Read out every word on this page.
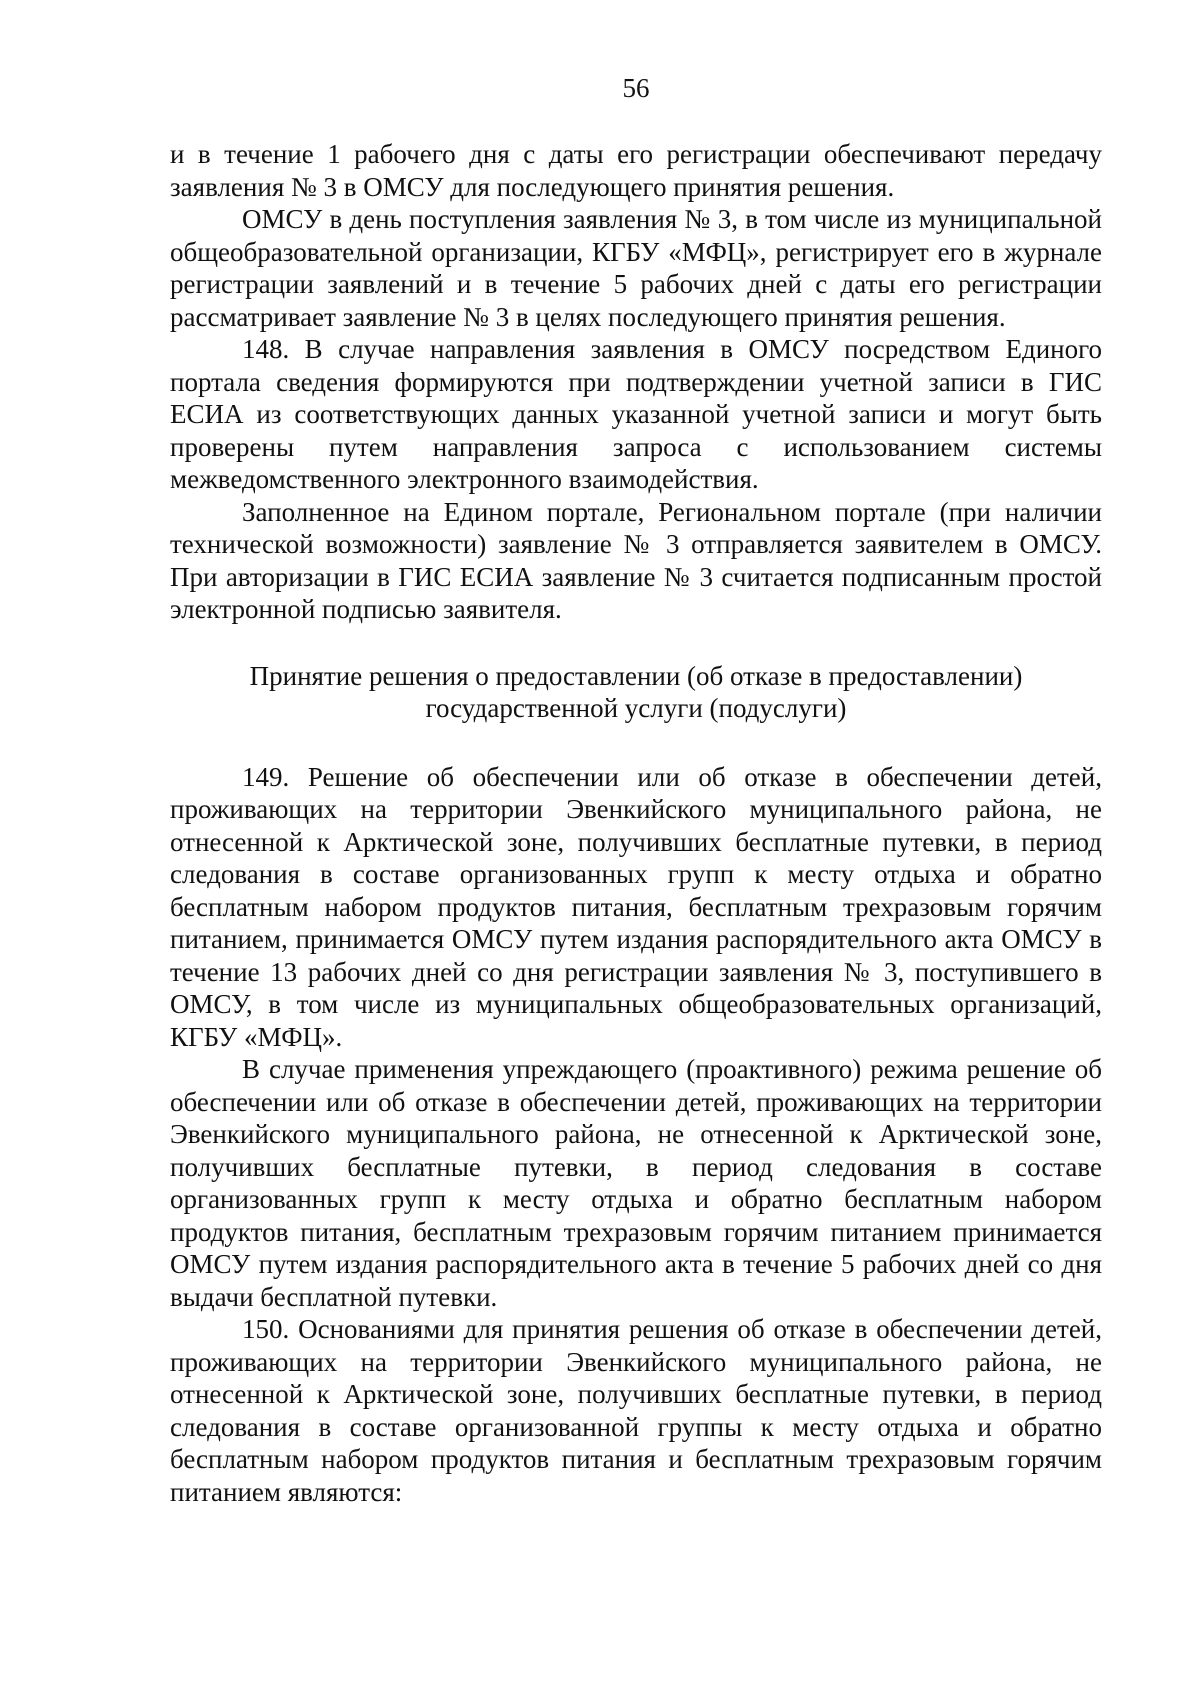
56

и в течение 1 рабочего дня с даты его регистрации обеспечивают передачу заявления № 3 в ОМСУ для последующего принятия решения.

ОМСУ в день поступления заявления № 3, в том числе из муниципальной общеобразовательной организации, КГБУ «МФЦ», регистрирует его в журнале регистрации заявлений и в течение 5 рабочих дней с даты его регистрации рассматривает заявление № 3 в целях последующего принятия решения.

148. В случае направления заявления в ОМСУ посредством Единого портала сведения формируются при подтверждении учетной записи в ГИС ЕСИА из соответствующих данных указанной учетной записи и могут быть проверены путем направления запроса с использованием системы межведомственного электронного взаимодействия.

Заполненное на Едином портале, Региональном портале (при наличии технической возможности) заявление № 3 отправляется заявителем в ОМСУ. При авторизации в ГИС ЕСИА заявление № 3 считается подписанным простой электронной подписью заявителя.

Принятие решения о предоставлении (об отказе в предоставлении)
государственной услуги (подуслуги)

149. Решение об обеспечении или об отказе в обеспечении детей, проживающих на территории Эвенкийского муниципального района, не отнесенной к Арктической зоне, получивших бесплатные путевки, в период следования в составе организованных групп к месту отдыха и обратно бесплатным набором продуктов питания, бесплатным трехразовым горячим питанием, принимается ОМСУ путем издания распорядительного акта ОМСУ в течение 13 рабочих дней со дня регистрации заявления № 3, поступившего в ОМСУ, в том числе из муниципальных общеобразовательных организаций, КГБУ «МФЦ».

В случае применения упреждающего (проактивного) режима решение об обеспечении или об отказе в обеспечении детей, проживающих на территории Эвенкийского муниципального района, не отнесенной к Арктической зоне, получивших бесплатные путевки, в период следования в составе организованных групп к месту отдыха и обратно бесплатным набором продуктов питания, бесплатным трехразовым горячим питанием принимается ОМСУ путем издания распорядительного акта в течение 5 рабочих дней со дня выдачи бесплатной путевки.

150. Основаниями для принятия решения об отказе в обеспечении детей, проживающих на территории Эвенкийского муниципального района, не отнесенной к Арктической зоне, получивших бесплатные путевки, в период следования в составе организованной группы к месту отдыха и обратно бесплатным набором продуктов питания и бесплатным трехразовым горячим питанием являются:
